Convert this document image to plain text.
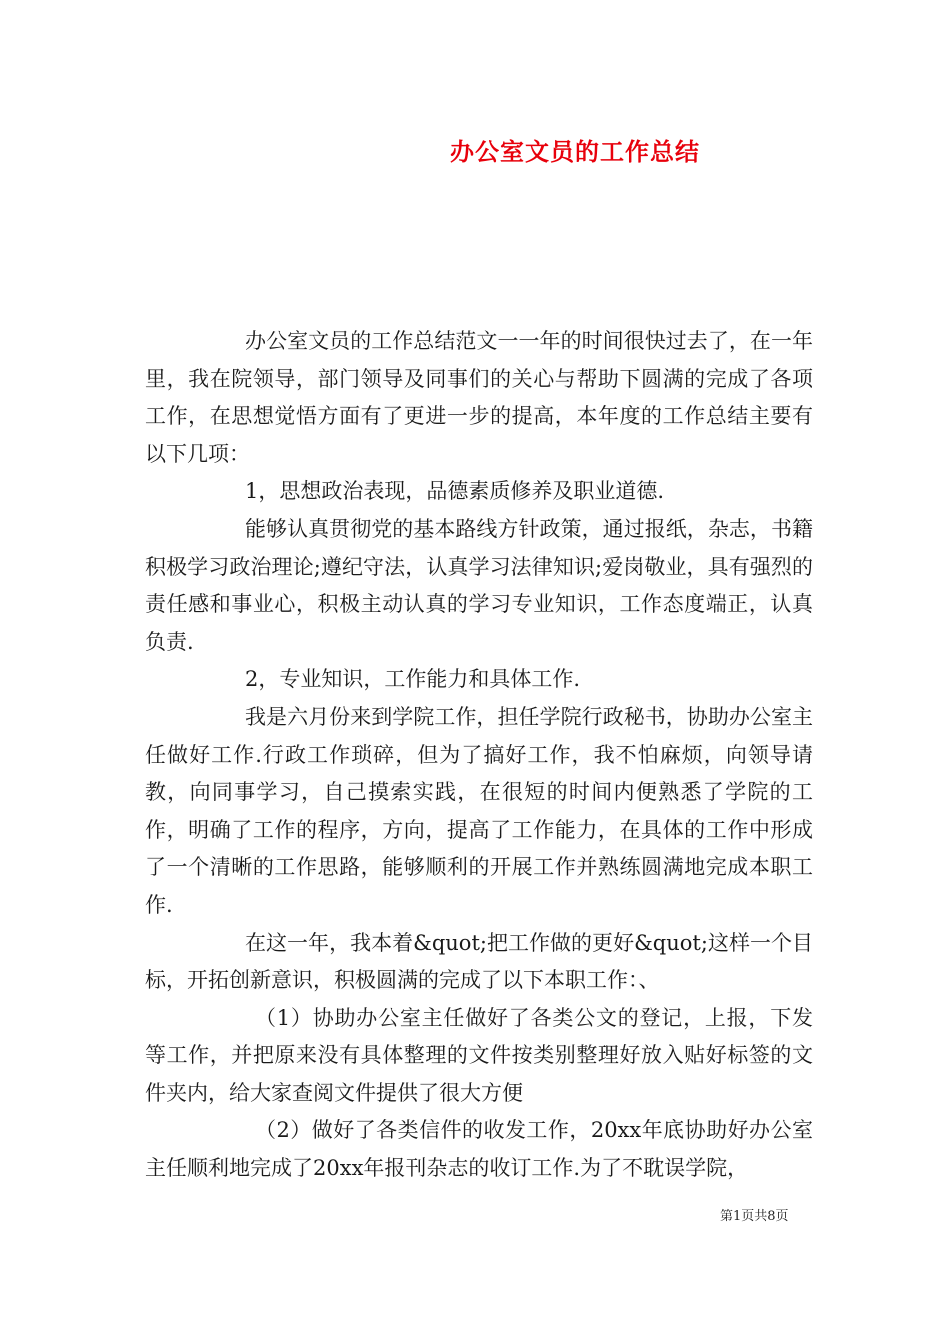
办公室文员的工作总结

办公室文员的工作总结范文一一年的时间很快过去了，在一年里，我在院领导，部门领导及同事们的关心与帮助下圆满的完成了各项工作，在思想觉悟方面有了更进一步的提高，本年度的工作总结主要有以下几项：

1，思想政治表现，品德素质修养及职业道德.

能够认真贯彻党的基本路线方针政策，通过报纸，杂志，书籍积极学习政治理论;遵纪守法，认真学习法律知识;爱岗敬业，具有强烈的责任感和事业心，积极主动认真的学习专业知识，工作态度端正，认真负责.

2，专业知识，工作能力和具体工作.

我是六月份来到学院工作，担任学院行政秘书，协助办公室主任做好工作.行政工作琐碎，但为了搞好工作，我不怕麻烦，向领导请教，向同事学习，自己摸索实践，在很短的时间内便熟悉了学院的工作，明确了工作的程序，方向，提高了工作能力，在具体的工作中形成了一个清晰的工作思路，能够顺利的开展工作并熟练圆满地完成本职工作.

在这一年，我本着&quot;把工作做的更好&quot;这样一个目标，开拓创新意识，积极圆满的完成了以下本职工作：、

（1）协助办公室主任做好了各类公文的登记，上报，下发等工作，并把原来没有具体整理的文件按类别整理好放入贴好标签的文件夹内，给大家查阅文件提供了很大方便

（2）做好了各类信件的收发工作，20xx年底协助好办公室主任顺利地完成了20xx年报刊杂志的收订工作.为了不耽误学院，

第1页共8页
